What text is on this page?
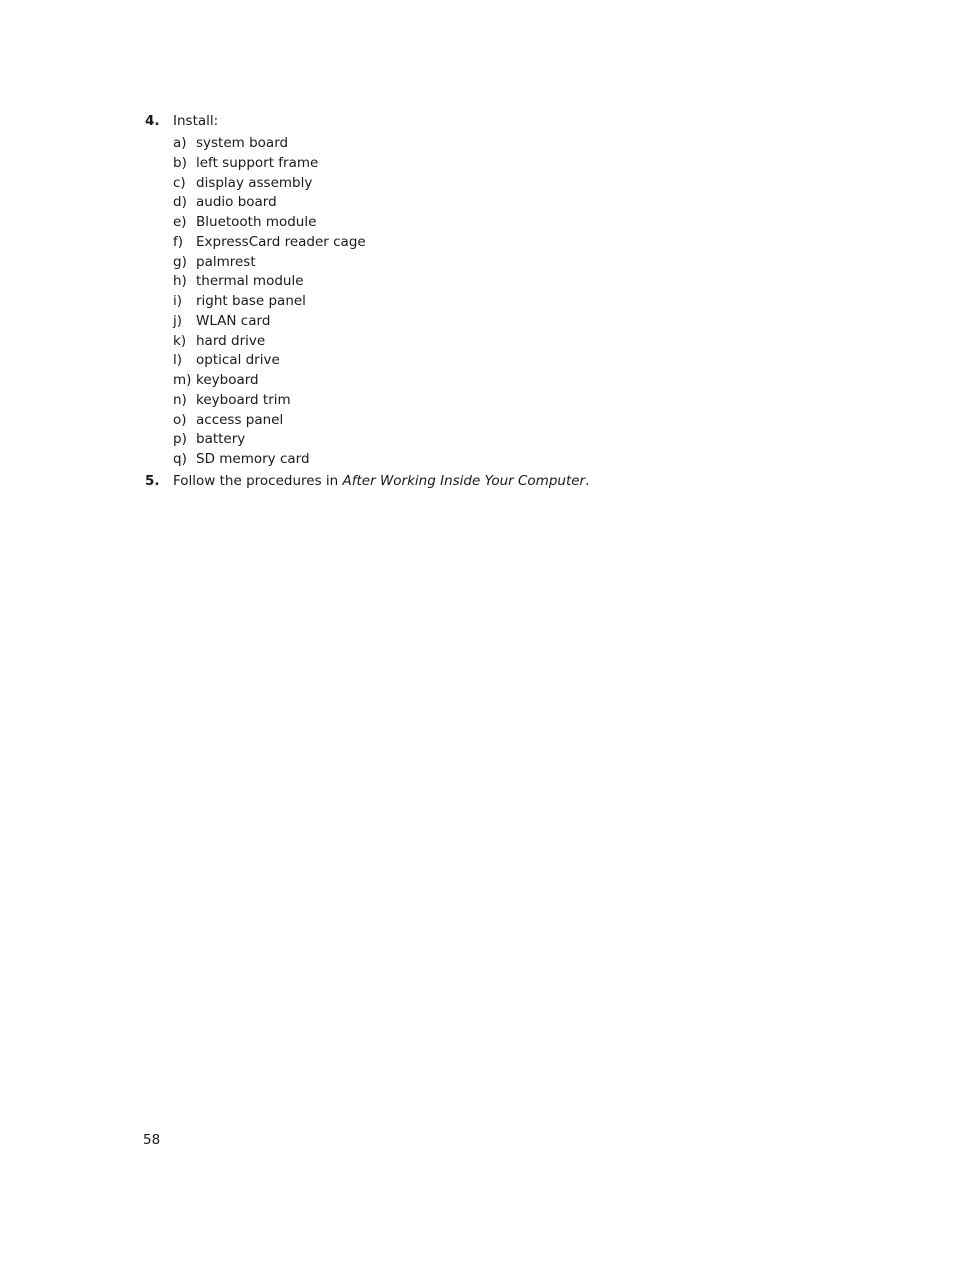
4. Install:
a) system board
b) left support frame
c) display assembly
d) audio board
e) Bluetooth module
f) ExpressCard reader cage
g) palmrest
h) thermal module
i)	right base panel
j)	WLAN card
k) hard drive
l)	optical drive
m) keyboard
n) keyboard trim
o) access panel
p) battery
q) SD memory card
5. Follow the procedures in After Working Inside Your Computer.
58
